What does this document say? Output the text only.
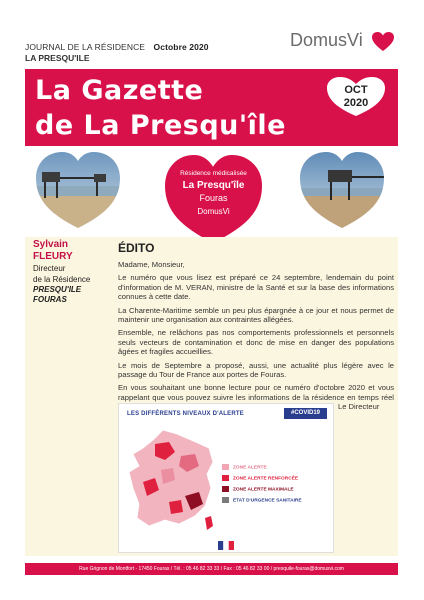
JOURNAL DE LA RÉSIDENCE Octobre 2020
LA PRESQU'ILE
DomusVi
La Gazette
de La Presqu'île
OCT
2020
Résidence médicalisée
La Presqu'île
Fouras
DomusVi
Sylvain
FLEURY
Directeur
de la Résidence
PRESQU'ILE
FOURAS
ÉDITO

Madame, Monsieur,

Le numéro que vous lisez est préparé ce 24 septembre, lendemain du point d'information de M. VERAN, ministre de la Santé et sur la base des informations connues à cette date.

La Charente-Maritime semble un peu plus épargnée à ce jour et nous permet de maintenir une organisation aux contraintes allégées.

Ensemble, ne relâchons pas nos comportements professionnels et personnels seuls vecteurs de contamination et donc de mise en danger des populations âgées et fragiles accueillies.

Le mois de Septembre a proposé, aussi, une actualité plus légère avec le passage du Tour de France aux portes de Fouras.

En vous souhaitant une bonne lecture pour ce numéro d'octobre 2020 et vous rappelant que vous pouvez suivre les informations de la résidence en temps réel

Le Directeur
LES DIFFÉRENTS NIVEAUX D'ALERTE	#COVID19
ZONE ALERTE
ZONE ALERTE RENFORCÉE
ZONE ALERTE MAXIMALE
ETAT D'URGENCE SANITAIRE
Rue Grignon de Montfort - 17450 Fouras / Tél. : 05 46 82 33 33 / Fax : 05 46 82 33 00 / presquile-fouras@domusvi.com
